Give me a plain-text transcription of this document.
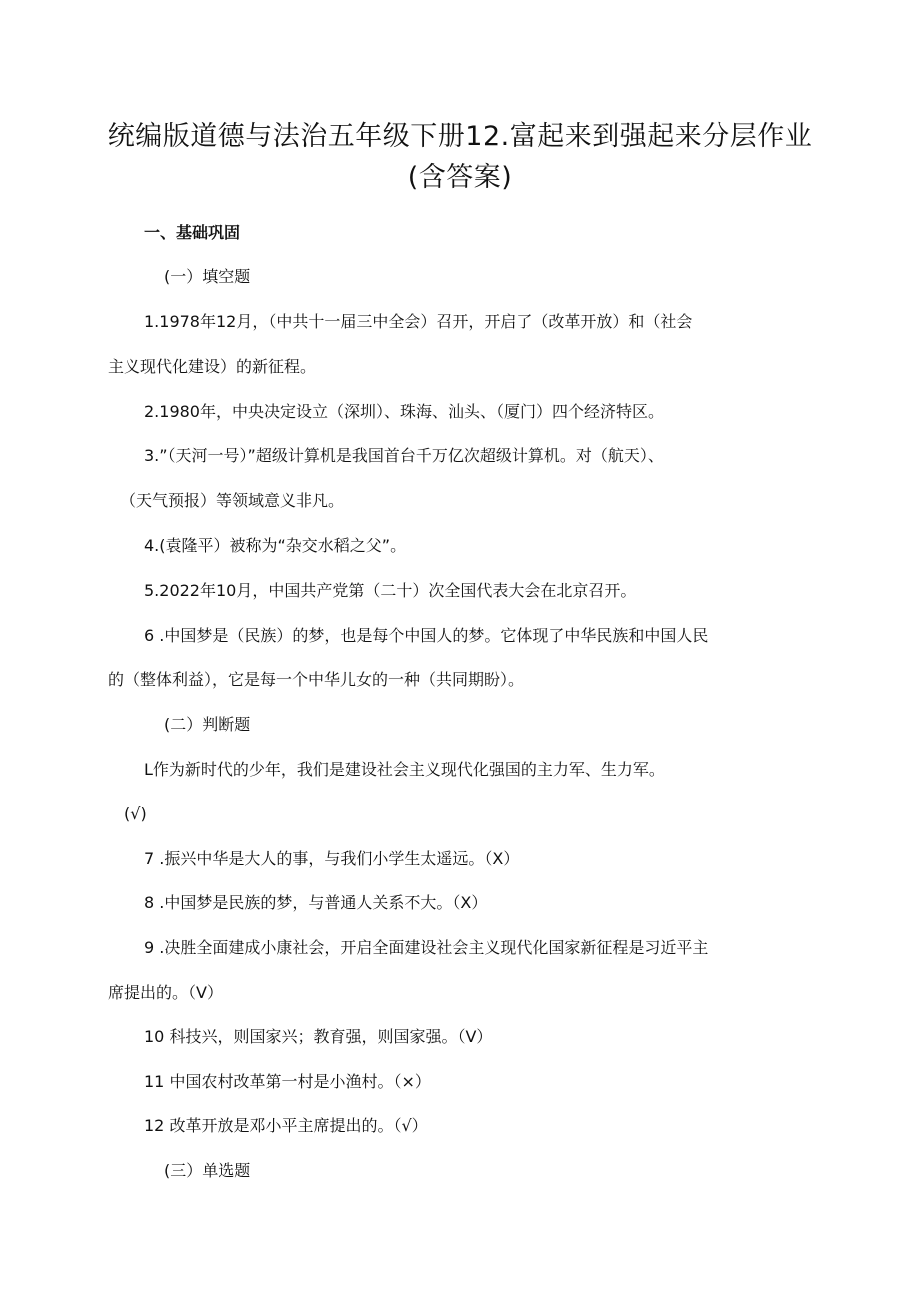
统编版道德与法治五年级下册12.富起来到强起来分层作业
(含答案)
一、基础巩固
(一）填空题
1.1978年12月，（中共十一届三中全会）召开，开启了（改革开放）和（社会
主义现代化建设）的新征程。
2.1980年，中央决定设立（深圳）、珠海、汕头、（厦门）四个经济特区。
3.”（天河一号）”超级计算机是我国首台千万亿次超级计算机。对（航天）、
（天气预报）等领域意义非凡。
4.(袁隆平）被称为“杂交水稻之父”。
5.2022年10月，中国共产党第（二十）次全国代表大会在北京召开。
6 .中国梦是（民族）的梦，也是每个中国人的梦。它体现了中华民族和中国人民
的（整体利益），它是每一个中华儿女的一种（共同期盼）。
(二）判断题
L作为新时代的少年，我们是建设社会主义现代化强国的主力军、生力军。
(√)
7 .振兴中华是大人的事，与我们小学生太遥远。（X）
8 .中国梦是民族的梦，与普通人关系不大。（X）
9 .决胜全面建成小康社会，开启全面建设社会主义现代化国家新征程是习近平主
席提出的。（V）
10 科技兴，则国家兴；教育强，则国家强。（V）
11 中国农村改革第一村是小渔村。（×）
12 改革开放是邓小平主席提出的。（√）
(三）单选题
